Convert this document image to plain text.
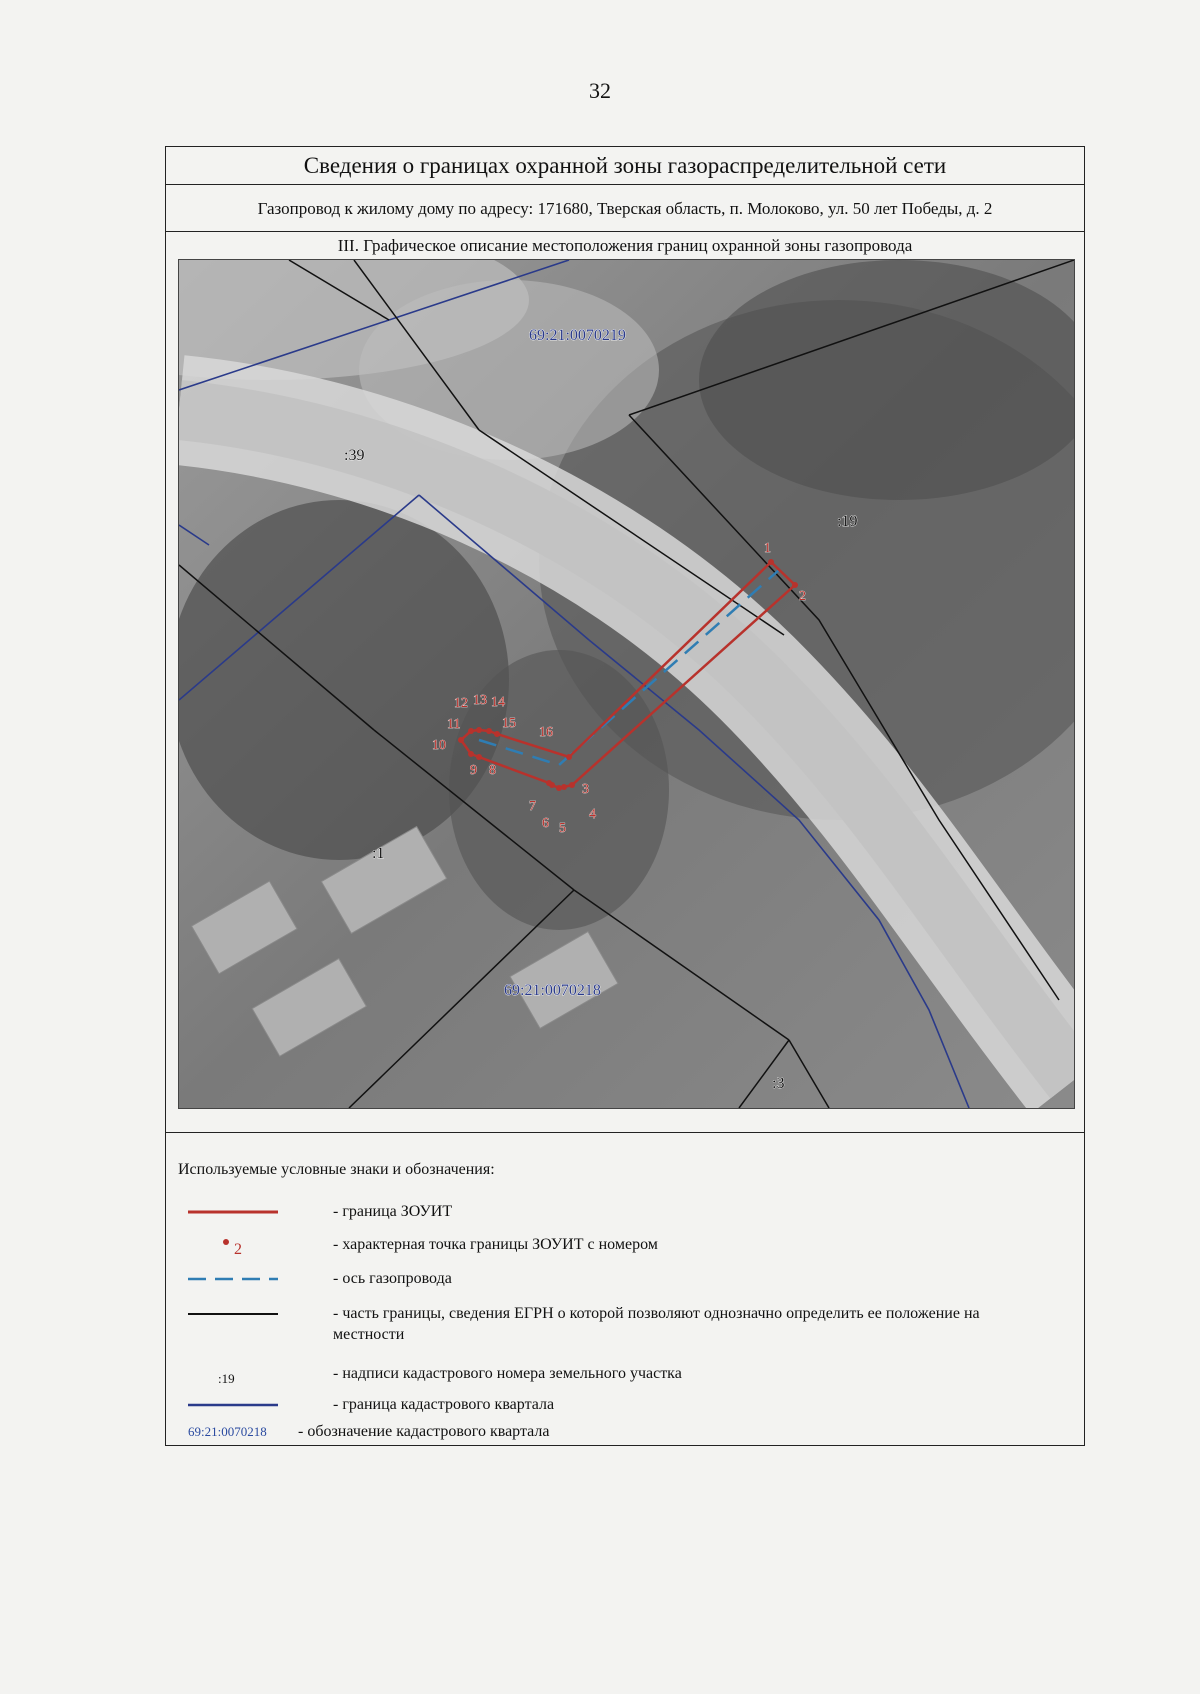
32
Сведения о границах охранной зоны газораспределительной сети
Газопровод к жилому дому по адресу: 171680, Тверская область, п. Молоково, ул. 50 лет Победы, д. 2
III. Графическое описание местоположения границ охранной зоны газопровода
1
2
3
4
5
6
7
8
9
10
11
12 13 14
15
16
69:21:0070219
69:21:0070218
:39
:19
:1
:3
Используемые условные знаки и обозначения:
- граница ЗОУИТ
2	- характерная точка границы ЗОУИТ с номером
- ось газопровода
- часть границы, сведения ЕГРН о которой позволяют однозначно определить ее положение на местности
:19	- надписи кадастрового номера земельного участка
- граница кадастрового квартала
69:21:0070218 - обозначение кадастрового квартала
